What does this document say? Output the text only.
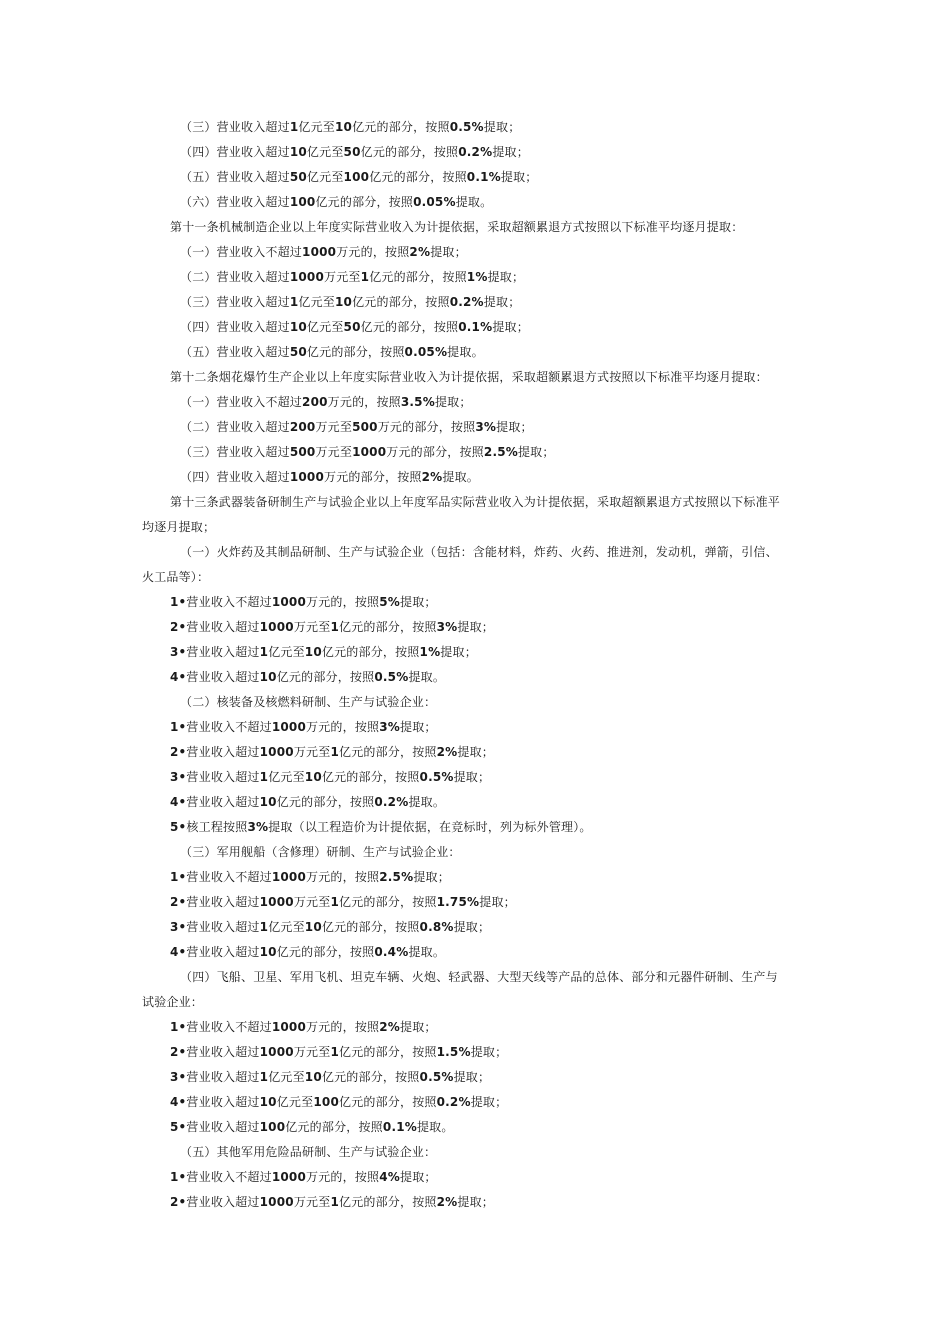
（三）营业收入超过1亿元至10亿元的部分，按照0.5%提取；
（四）营业收入超过10亿元至50亿元的部分，按照0.2%提取；
（五）营业收入超过50亿元至100亿元的部分，按照0.1%提取；
（六）营业收入超过100亿元的部分，按照0.05%提取。
第十一条机械制造企业以上年度实际营业收入为计提依据，采取超额累退方式按照以下标准平均逐月提取：
（一）营业收入不超过1000万元的，按照2%提取；
（二）营业收入超过1000万元至1亿元的部分，按照1%提取；
（三）营业收入超过1亿元至10亿元的部分，按照0.2%提取；
（四）营业收入超过10亿元至50亿元的部分，按照0.1%提取；
（五）营业收入超过50亿元的部分，按照0.05%提取。
第十二条烟花爆竹生产企业以上年度实际营业收入为计提依据，采取超额累退方式按照以下标准平均逐月提取：
（一）营业收入不超过200万元的，按照3.5%提取；
（二）营业收入超过200万元至500万元的部分，按照3%提取；
（三）营业收入超过500万元至1000万元的部分，按照2.5%提取；
（四）营业收入超过1000万元的部分，按照2%提取。
第十三条武器装备研制生产与试验企业以上年度军品实际营业收入为计提依据，采取超额累退方式按照以下标准平
均逐月提取；
（一）火炸药及其制品研制、生产与试验企业（包括：含能材料，炸药、火药、推进剂，发动机，弹箭，引信、
火工品等）：
1•营业收入不超过1000万元的，按照5%提取；
2•营业收入超过1000万元至1亿元的部分，按照3%提取；
3•营业收入超过1亿元至10亿元的部分，按照1%提取；
4•营业收入超过10亿元的部分，按照0.5%提取。
（二）核装备及核燃料研制、生产与试验企业：
1•营业收入不超过1000万元的，按照3%提取；
2•营业收入超过1000万元至1亿元的部分，按照2%提取；
3•营业收入超过1亿元至10亿元的部分，按照0.5%提取；
4•营业收入超过10亿元的部分，按照0.2%提取。
5•核工程按照3%提取（以工程造价为计提依据，在竞标时，列为标外管理）。
（三）军用舰船（含修理）研制、生产与试验企业：
1•营业收入不超过1000万元的，按照2.5%提取；
2•营业收入超过1000万元至1亿元的部分，按照1.75%提取；
3•营业收入超过1亿元至10亿元的部分，按照0.8%提取；
4•营业收入超过10亿元的部分，按照0.4%提取。
（四）飞船、卫星、军用飞机、坦克车辆、火炮、轻武器、大型天线等产品的总体、部分和元器件研制、生产与
试验企业：
1•营业收入不超过1000万元的，按照2%提取；
2•营业收入超过1000万元至1亿元的部分，按照1.5%提取；
3•营业收入超过1亿元至10亿元的部分，按照0.5%提取；
4•营业收入超过10亿元至100亿元的部分，按照0.2%提取；
5•营业收入超过100亿元的部分，按照0.1%提取。
（五）其他军用危险品研制、生产与试验企业：
1•营业收入不超过1000万元的，按照4%提取；
2•营业收入超过1000万元至1亿元的部分，按照2%提取；
